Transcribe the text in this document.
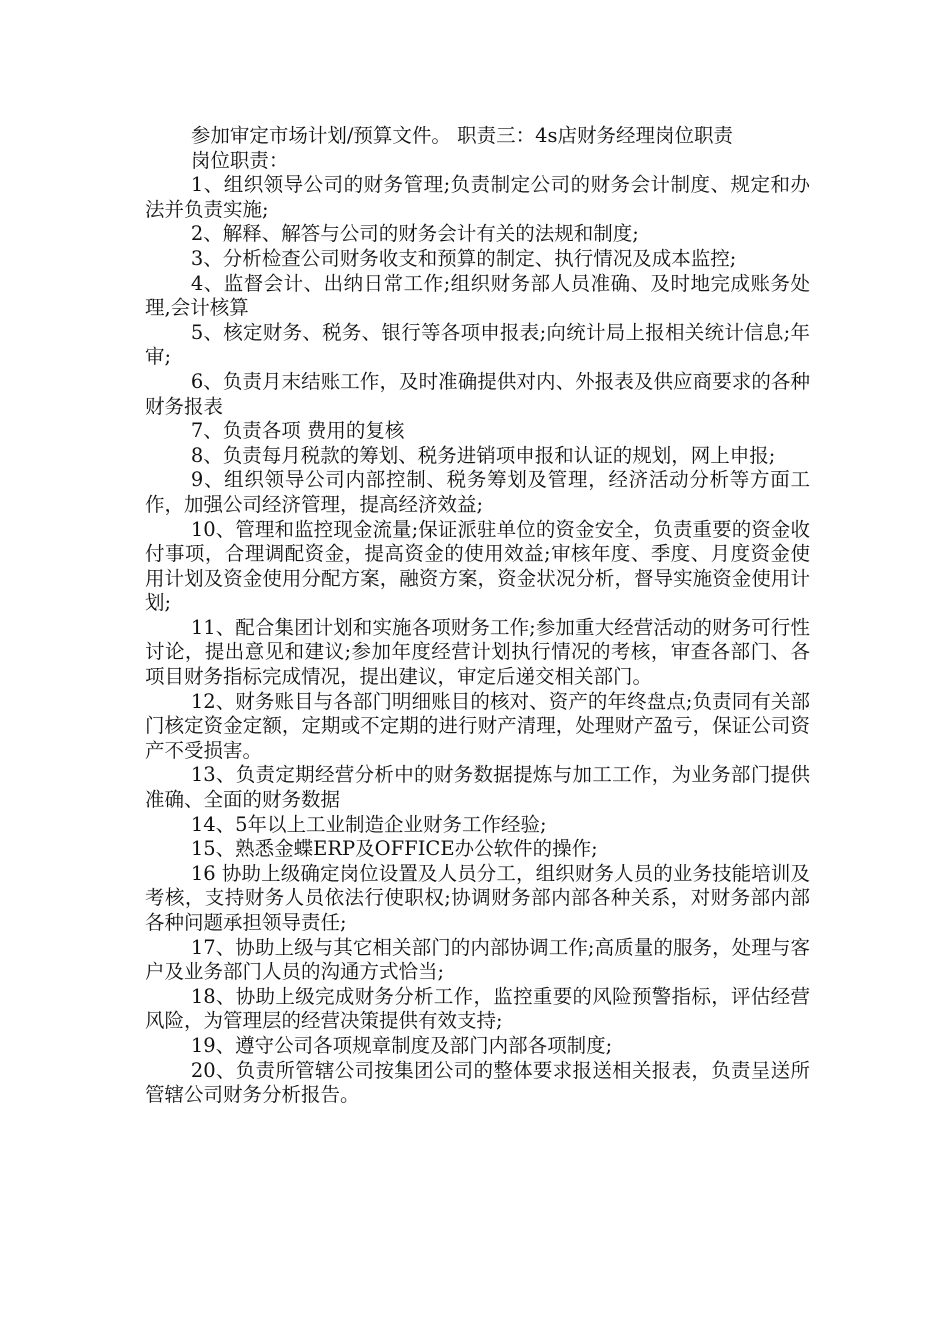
参加审定市场计划/预算文件。 职责三：4s店财务经理岗位职责

岗位职责：

1、组织领导公司的财务管理;负责制定公司的财务会计制度、规定和办法并负责实施;

2、解释、解答与公司的财务会计有关的法规和制度;

3、分析检查公司财务收支和预算的制定、执行情况及成本监控;

4、监督会计、出纳日常工作;组织财务部人员准确、及时地完成账务处理,会计核算

5、核定财务、税务、银行等各项申报表;向统计局上报相关统计信息;年审;

6、负责月末结账工作，及时准确提供对内、外报表及供应商要求的各种财务报表

7、负责各项 费用的复核

8、负责每月税款的筹划、税务进销项申报和认证的规划，网上申报;

9、组织领导公司内部控制、税务筹划及管理，经济活动分析等方面工作，加强公司经济管理，提高经济效益;

10、管理和监控现金流量;保证派驻单位的资金安全，负责重要的资金收付事项，合理调配资金，提高资金的使用效益;审核年度、季度、月度资金使用计划及资金使用分配方案，融资方案，资金状况分析，督导实施资金使用计划;

11、配合集团计划和实施各项财务工作;参加重大经营活动的财务可行性讨论，提出意见和建议;参加年度经营计划执行情况的考核，审查各部门、各项目财务指标完成情况，提出建议，审定后递交相关部门。

12、财务账目与各部门明细账目的核对、资产的年终盘点;负责同有关部门核定资金定额，定期或不定期的进行财产清理，处理财产盈亏，保证公司资产不受损害。

13、负责定期经营分析中的财务数据提炼与加工工作，为业务部门提供准确、全面的财务数据

14、5年以上工业制造企业财务工作经验;

15、熟悉金蝶ERP及OFFICE办公软件的操作;

16 协助上级确定岗位设置及人员分工，组织财务人员的业务技能培训及考核，支持财务人员依法行使职权;协调财务部内部各种关系，对财务部内部各种问题承担领导责任;

17、协助上级与其它相关部门的内部协调工作;高质量的服务，处理与客户及业务部门人员的沟通方式恰当;

18、协助上级完成财务分析工作，监控重要的风险预警指标，评估经营风险，为管理层的经营决策提供有效支持;

19、遵守公司各项规章制度及部门内部各项制度;

20、负责所管辖公司按集团公司的整体要求报送相关报表，负责呈送所管辖公司财务分析报告。
